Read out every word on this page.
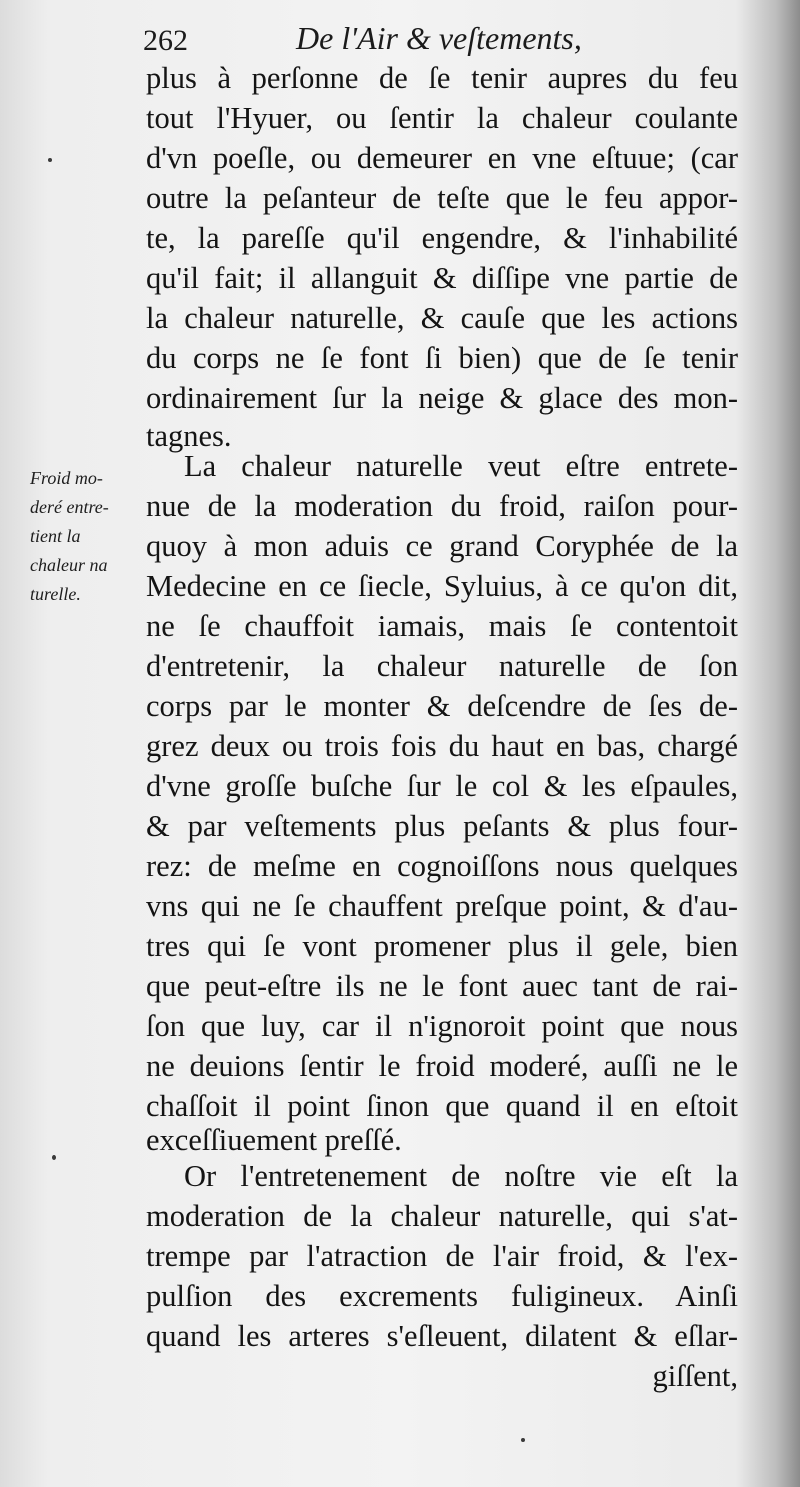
262	De l'Air & veſtements,
Froid mo-
deré entre-
tient la
chaleur na
turelle.
plus à perſonne de ſe tenir aupres du feu
tout l'Hyuer, ou ſentir la chaleur coulante
d'vn poeſle, ou demeurer en vne eſtuue; (car
outre la peſanteur de teſte que le feu appor-
te, la pareſſe qu'il engendre, & l'inhabilité
qu'il fait; il allanguit & diſſipe vne partie de
la chaleur naturelle, & cauſe que les actions
du corps ne ſe font ſi bien) que de ſe tenir
ordinairement ſur la neige & glace des mon-
tagnes.
La chaleur naturelle veut eſtre entrete-
nue de la moderation du froid, raiſon pour-
quoy à mon aduis ce grand Coryphée de la
Medecine en ce ſiecle, Syluius, à ce qu'on dit,
ne ſe chauffoit iamais, mais ſe contentoit
d'entretenir, la chaleur naturelle de ſon
corps par le monter & deſcendre de ſes de-
grez deux ou trois fois du haut en bas, chargé
d'vne groſſe buſche ſur le col & les eſpaules,
& par veſtements plus peſants & plus four-
rez: de meſme en cognoiſſons nous quelques
vns qui ne ſe chauffent preſque point, & d'au-
tres qui ſe vont promener plus il gele, bien
que peut-eſtre ils ne le font auec tant de rai-
ſon que luy, car il n'ignoroit point que nous
ne deuions ſentir le froid moderé, auſſi ne le
chaſſoit il point ſinon que quand il en eſtoit
exceſſiuement preſſé.
Or l'entretenement de noſtre vie eſt la
moderation de la chaleur naturelle, qui s'at-
trempe par l'atraction de l'air froid, & l'ex-
pulſion des excrements fuligineux. Ainſi
quand les arteres s'eſleuent, dilatent & eſlar-
giſſent,
